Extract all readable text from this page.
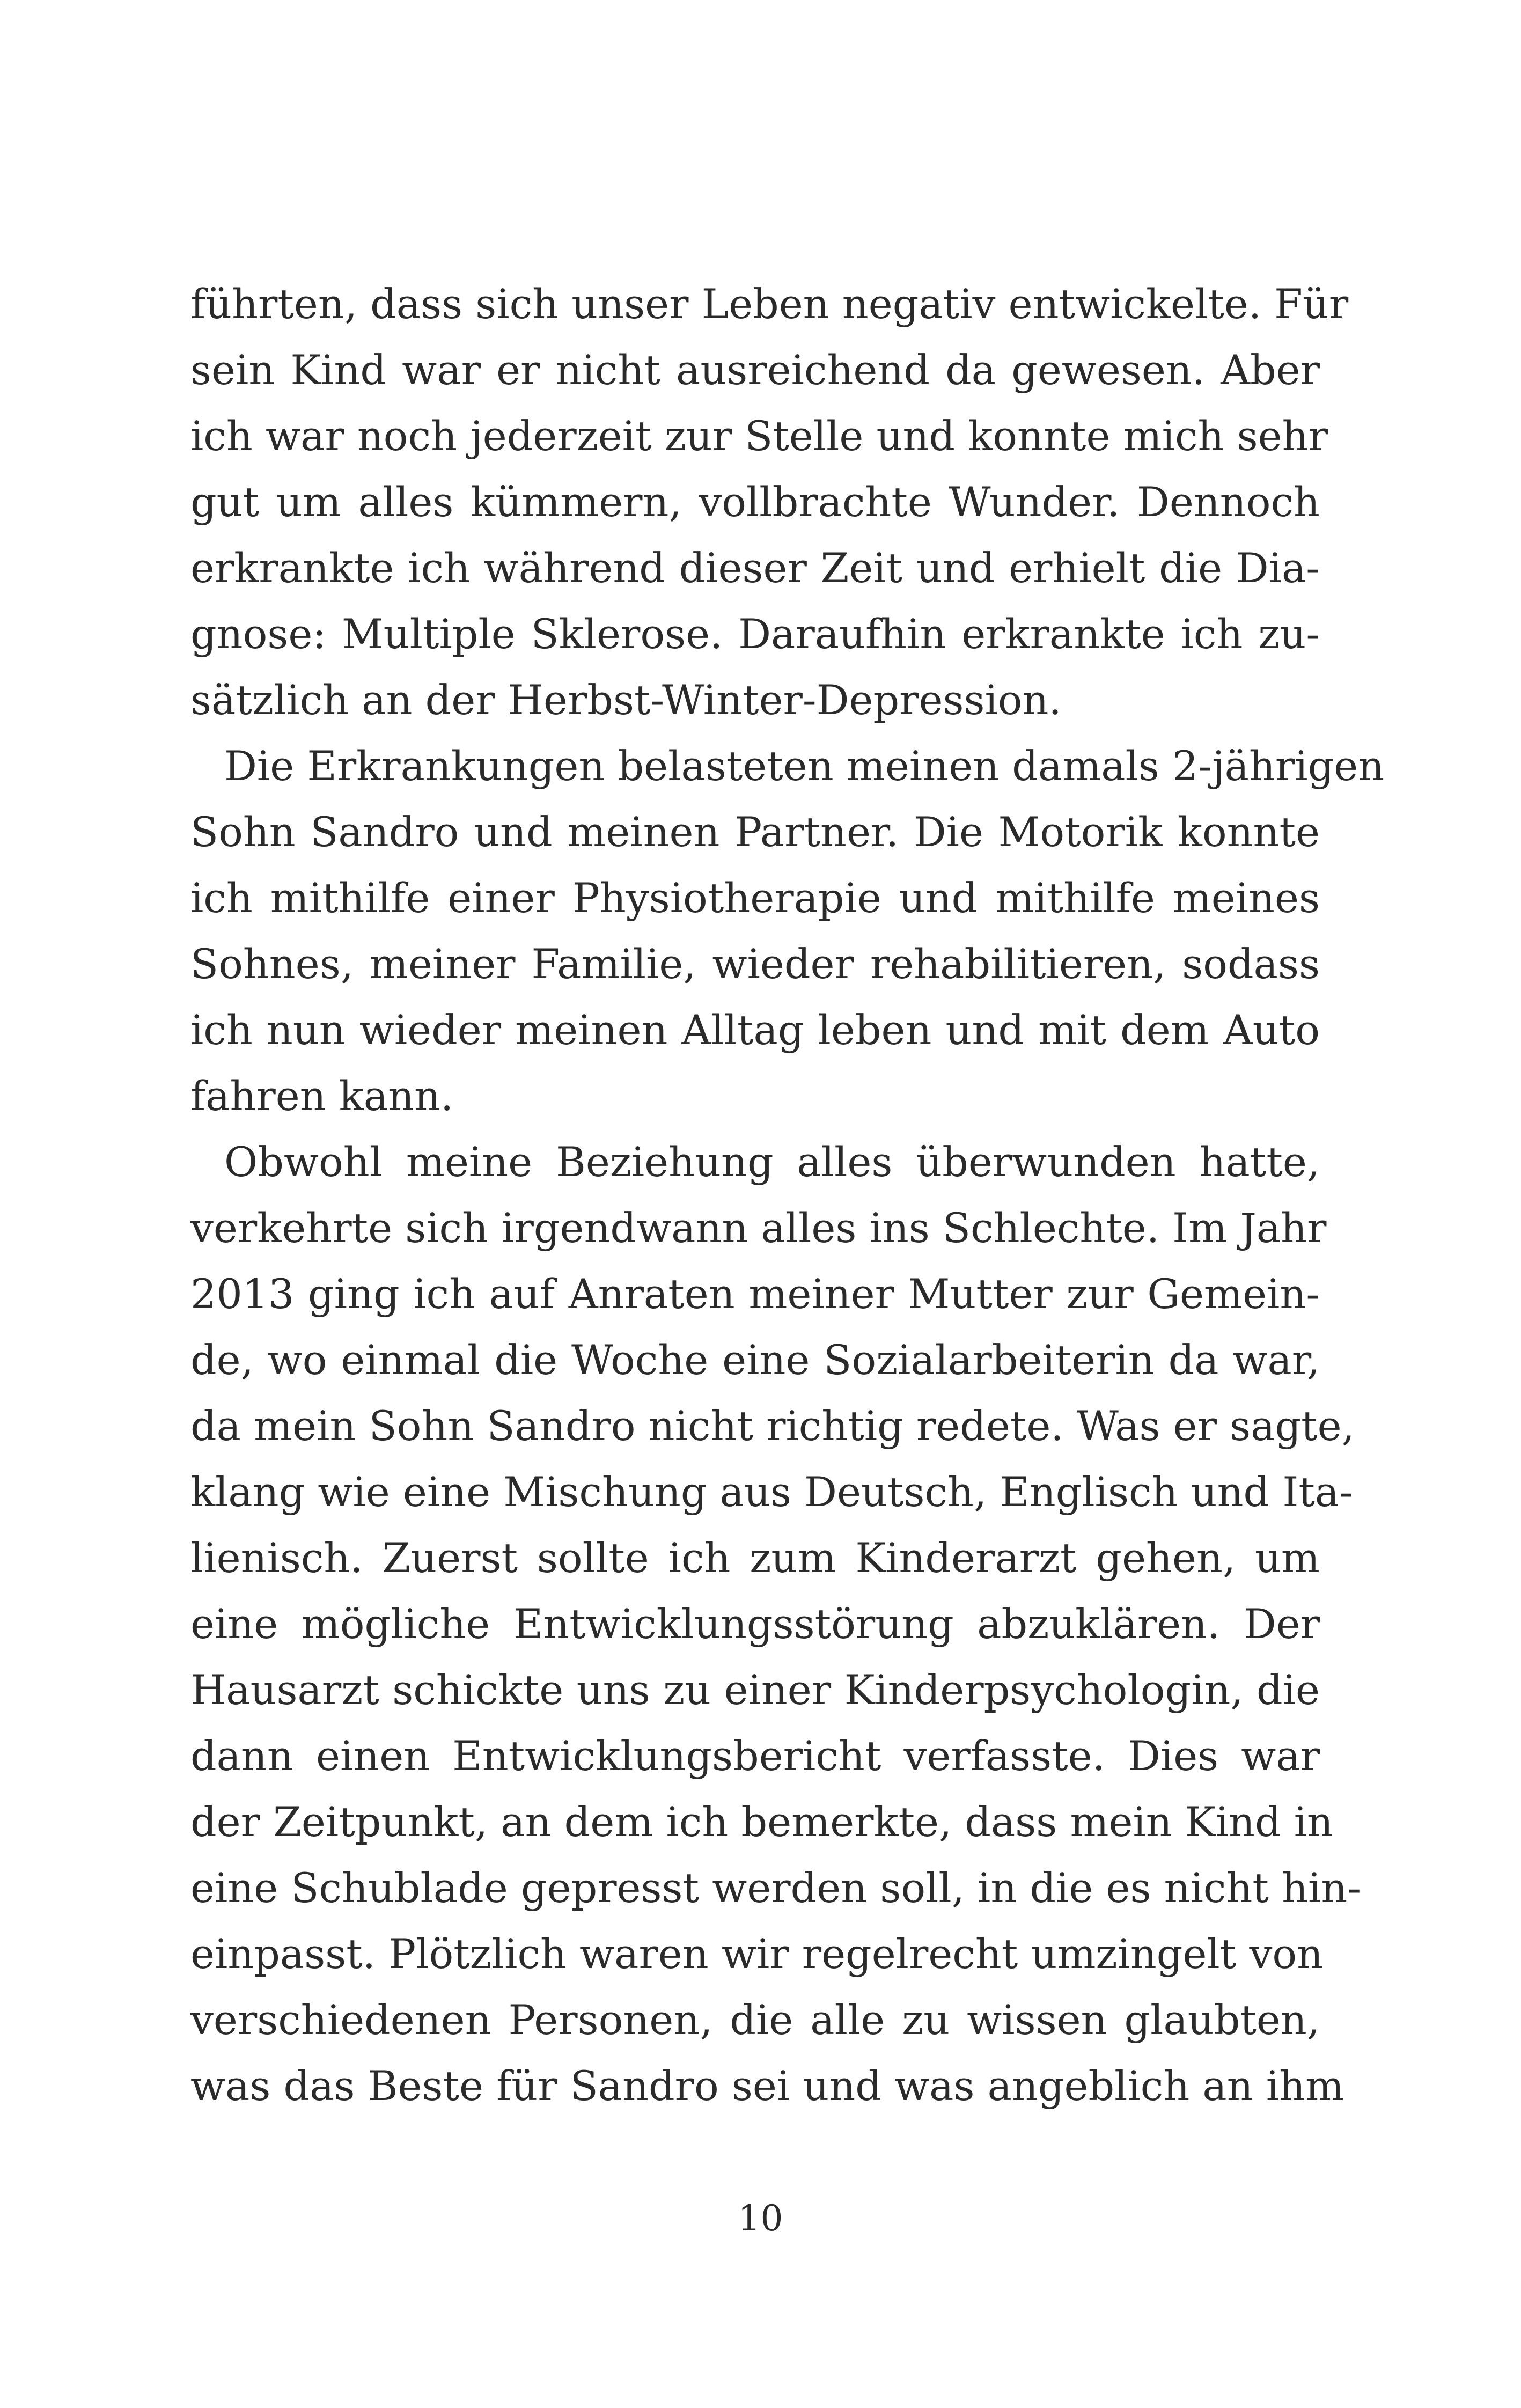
führten, dass sich unser Leben negativ entwickelte. Für
sein Kind war er nicht ausreichend da gewesen. Aber
ich war noch jederzeit zur Stelle und konnte mich sehr
gut um alles kümmern, vollbrachte Wunder. Dennoch
erkrankte ich während dieser Zeit und erhielt die Dia-
gnose: Multiple Sklerose. Daraufhin erkrankte ich zu-
sätzlich an der Herbst-Winter-Depression.
Die Erkrankungen belasteten meinen damals 2-jährigen
Sohn Sandro und meinen Partner. Die Motorik konnte
ich mithilfe einer Physiotherapie und mithilfe meines
Sohnes, meiner Familie, wieder rehabilitieren, sodass
ich nun wieder meinen Alltag leben und mit dem Auto
fahren kann.
Obwohl meine Beziehung alles überwunden hatte,
verkehrte sich irgendwann alles ins Schlechte. Im Jahr
2013 ging ich auf Anraten meiner Mutter zur Gemein-
de, wo einmal die Woche eine Sozialarbeiterin da war,
da mein Sohn Sandro nicht richtig redete. Was er sagte,
klang wie eine Mischung aus Deutsch, Englisch und Ita-
lienisch. Zuerst sollte ich zum Kinderarzt gehen, um
eine mögliche Entwicklungsstörung abzuklären. Der
Hausarzt schickte uns zu einer Kinderpsychologin, die
dann einen Entwicklungsbericht verfasste. Dies war
der Zeitpunkt, an dem ich bemerkte, dass mein Kind in
eine Schublade gepresst werden soll, in die es nicht hin-
einpasst. Plötzlich waren wir regelrecht umzingelt von
verschiedenen Personen, die alle zu wissen glaubten,
was das Beste für Sandro sei und was angeblich an ihm
10
